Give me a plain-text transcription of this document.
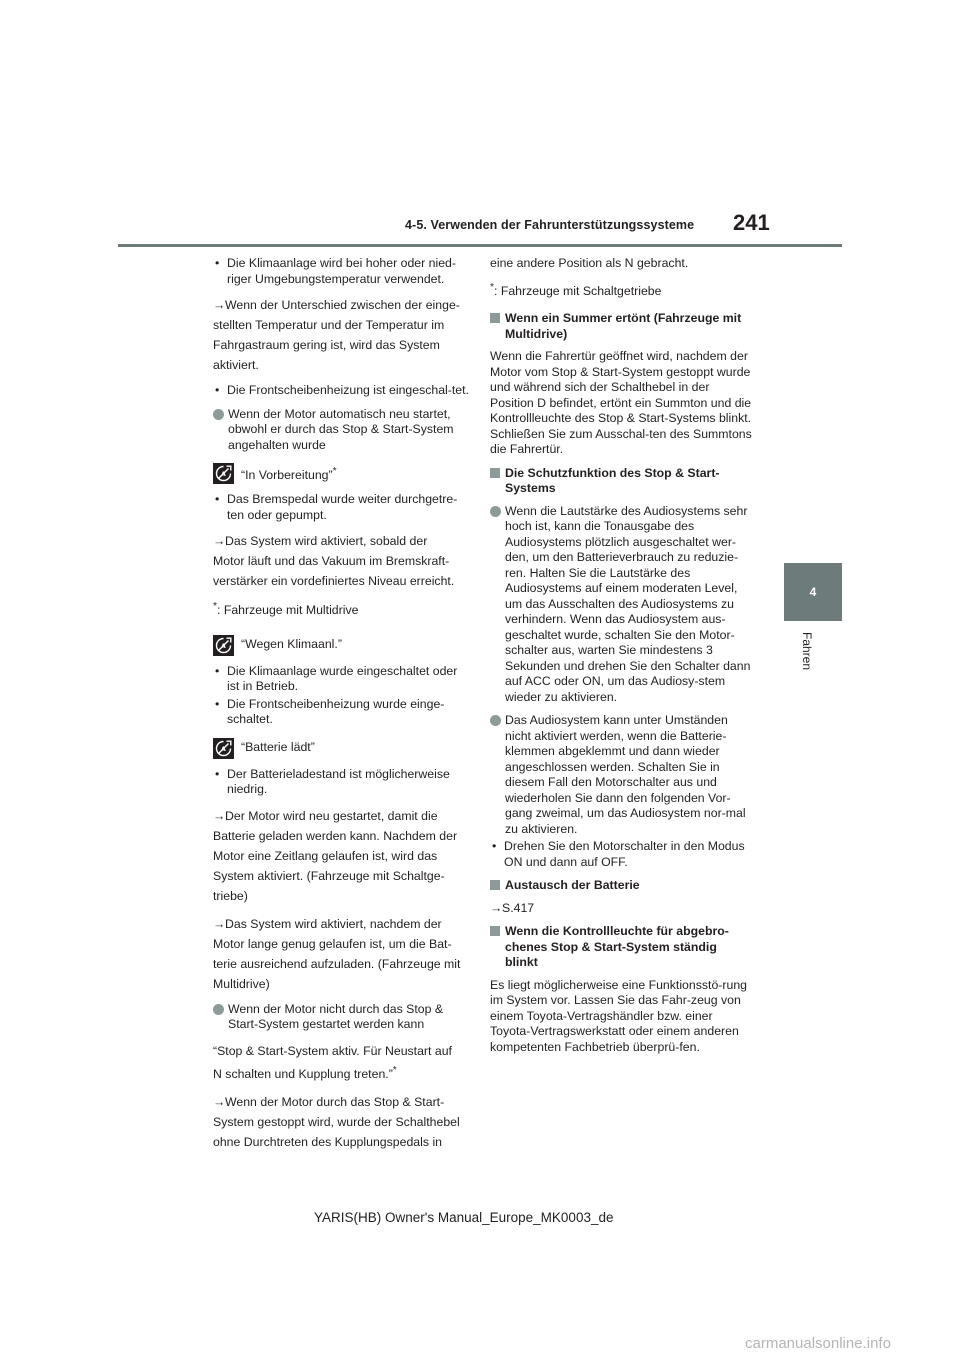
4-5. Verwenden der Fahrunterstützungssysteme 241
4
Fahren

• Die Klimaanlage wird bei hoher oder nied-riger Umgebungstemperatur verwendet.

→Wenn der Unterschied zwischen der einge-

stellten Temperatur und der Temperatur im

Fahrgastraum gering ist, wird das System

aktiviert.

• Die Frontscheibenheizung ist eingeschal-tet.

Wenn der Motor automatisch neu startet, obwohl er durch das Stop & Start-System angehalten wurde
A “In Vorbereitung”*

• Das Bremspedal wurde weiter durchgetre-ten oder gepumpt.

→Das System wird aktiviert, sobald der

Motor läuft und das Vakuum im Bremskraft-

verstärker ein vordefiniertes Niveau erreicht.

*: Fahrzeuge mit Multidrive

A “Wegen Klimaanl.”

• Die Klimaanlage wurde eingeschaltet oder ist in Betrieb.

• Die Frontscheibenheizung wurde einge-schaltet.

A “Batterie lädt”

• Der Batterieladestand ist möglicherweise niedrig.

→Der Motor wird neu gestartet, damit die

Batterie geladen werden kann. Nachdem der

Motor eine Zeitlang gelaufen ist, wird das

System aktiviert. (Fahrzeuge mit Schaltge-

triebe)

→Das System wird aktiviert, nachdem der

Motor lange genug gelaufen ist, um die Bat-

terie ausreichend aufzuladen. (Fahrzeuge mit

Multidrive)

Wenn der Motor nicht durch das Stop & Start-System gestartet werden kann

“Stop & Start-System aktiv. Für Neustart auf

N schalten und Kupplung treten.”*

→Wenn der Motor durch das Stop & Start-

System gestoppt wird, wurde der Schalthebel

ohne Durchtreten des Kupplungspedals in

eine andere Position als N gebracht.

*: Fahrzeuge mit Schaltgetriebe

Wenn ein Summer ertönt (Fahrzeuge mit Multidrive)

Wenn die Fahrertür geöffnet wird, nachdem der Motor vom Stop & Start-System gestoppt wurde und während sich der Schalthebel in der Position D befindet, ertönt ein Summton und die Kontrollleuchte des Stop & Start-Systems blinkt. Schließen Sie zum Ausschal-ten des Summtons die Fahrertür.

Die Schutzfunktion des Stop & Start-Systems
Wenn die Lautstärke des Audiosystems sehr hoch ist, kann die Tonausgabe des Audiosystems plötzlich ausgeschaltet wer-den, um den Batterieverbrauch zu reduzie-ren. Halten Sie die Lautstärke des Audiosystems auf einem moderaten Level, um das Ausschalten des Audiosystems zu verhindern. Wenn das Audiosystem aus-geschaltet wurde, schalten Sie den Motor-schalter aus, warten Sie mindestens 3 Sekunden und drehen Sie den Schalter dann auf ACC oder ON, um das Audiosy-stem wieder zu aktivieren.
Das Audiosystem kann unter Umständen nicht aktiviert werden, wenn die Batterie-klemmen abgeklemmt und dann wieder angeschlossen werden. Schalten Sie in diesem Fall den Motorschalter aus und wiederholen Sie dann den folgenden Vor-gang zweimal, um das Audiosystem nor-mal zu aktivieren.

• Drehen Sie den Motorschalter in den Modus ON und dann auf OFF.

Austausch der Batterie

→S.417

Wenn die Kontrollleuchte für abgebro-chenes Stop & Start-System ständig blinkt

Es liegt möglicherweise eine Funktionsstö-rung im System vor. Lassen Sie das Fahr-zeug von einem Toyota-Vertragshändler bzw. einer Toyota-Vertragswerkstatt oder einem anderen kompetenten Fachbetrieb überprü-fen.

YARIS(HB) Owner's Manual_Europe_MK0003_de
carmanualsonline.info
